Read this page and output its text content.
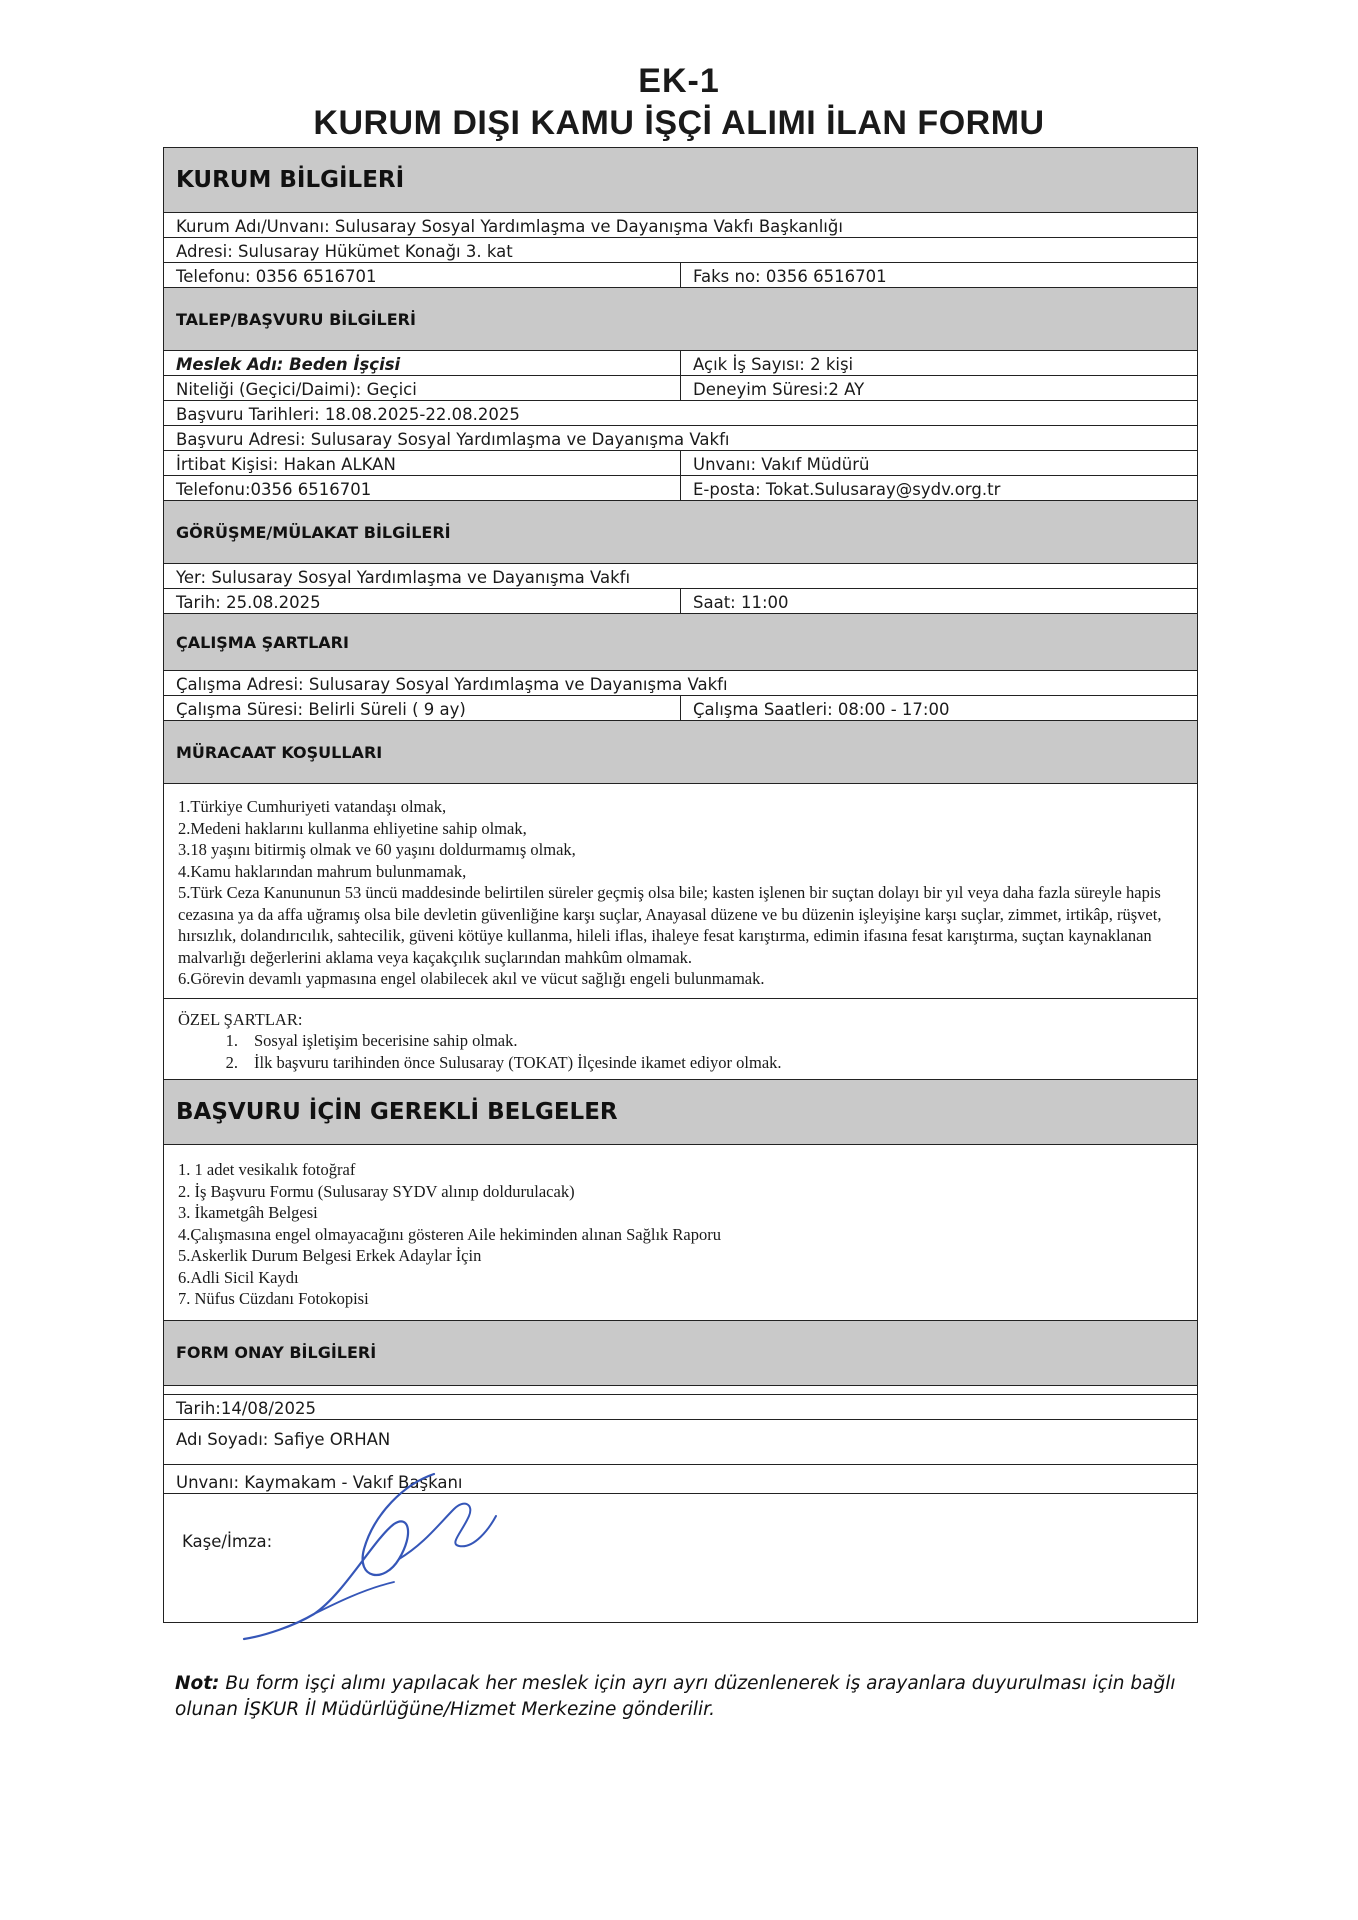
EK-1
KURUM DIŞI KAMU İŞÇİ ALIMI İLAN FORMU
KURUM BİLGİLERİ
Kurum Adı/Unvanı: Sulusaray Sosyal Yardımlaşma ve Dayanışma Vakfı Başkanlığı
Adresi: Sulusaray Hükümet Konağı 3. kat
Telefonu: 0356 6516701	Faks no: 0356 6516701
TALEP/BAŞVURU BİLGİLERİ
Meslek Adı: Beden İşçisi	Açık İş Sayısı: 2 kişi
Niteliği (Geçici/Daimi): Geçici	Deneyim Süresi:2 AY
Başvuru Tarihleri: 18.08.2025-22.08.2025
Başvuru Adresi: Sulusaray Sosyal Yardımlaşma ve Dayanışma Vakfı
İrtibat Kişisi: Hakan ALKAN	Unvanı: Vakıf Müdürü
Telefonu:0356 6516701	E-posta: Tokat.Sulusaray@sydv.org.tr
GÖRÜŞME/MÜLAKAT BİLGİLERİ
Yer: Sulusaray Sosyal Yardımlaşma ve Dayanışma Vakfı
Tarih: 25.08.2025	Saat: 11:00
ÇALIŞMA ŞARTLARI
Çalışma Adresi: Sulusaray Sosyal Yardımlaşma ve Dayanışma Vakfı
Çalışma Süresi: Belirli Süreli ( 9 ay)	Çalışma Saatleri: 08:00 - 17:00
MÜRACAAT KOŞULLARI

1.Türkiye Cumhuriyeti vatandaşı olmak,

2.Medeni haklarını kullanma ehliyetine sahip olmak,

3.18 yaşını bitirmiş olmak ve 60 yaşını doldurmamış olmak,

4.Kamu haklarından mahrum bulunmamak,

5.Türk Ceza Kanununun 53 üncü maddesinde belirtilen süreler geçmiş olsa bile; kasten işlenen bir suçtan dolayı bir yıl veya daha fazla süreyle hapis cezasına ya da affa uğramış olsa bile devletin güvenliğine karşı suçlar, Anayasal düzene ve bu düzenin işleyişine karşı suçlar, zimmet, irtikâp, rüşvet, hırsızlık, dolandırıcılık, sahtecilik, güveni kötüye kullanma, hileli iflas, ihaleye fesat karıştırma, edimin ifasına fesat karıştırma, suçtan kaynaklanan malvarlığı değerlerini aklama veya kaçakçılık suçlarından mahkûm olmamak.

6.Görevin devamlı yapmasına engel olabilecek akıl ve vücut sağlığı engeli bulunmamak.

ÖZEL ŞARTLAR:

1. Sosyal işletişim becerisine sahip olmak.
2. İlk başvuru tarihinden önce Sulusaray (TOKAT) İlçesinde ikamet ediyor olmak.
BAŞVURU İÇİN GEREKLİ BELGELER

1. 1 adet vesikalık fotoğraf

2. İş Başvuru Formu (Sulusaray SYDV alınıp doldurulacak)

3. İkametgâh Belgesi

4.Çalışmasına engel olmayacağını gösteren Aile hekiminden alınan Sağlık Raporu

5.Askerlik Durum Belgesi Erkek Adaylar İçin

6.Adli Sicil Kaydı

7. Nüfus Cüzdanı Fotokopisi

FORM ONAY BİLGİLERİ
Tarih:14/08/2025
Adı Soyadı: Safiye ORHAN
Unvanı: Kaymakam - Vakıf Başkanı
Kaşe/İmza:
Not: Bu form işçi alımı yapılacak her meslek için ayrı ayrı düzenlenerek iş arayanlara duyurulması için bağlı olunan İŞKUR İl Müdürlüğüne/Hizmet Merkezine gönderilir.
